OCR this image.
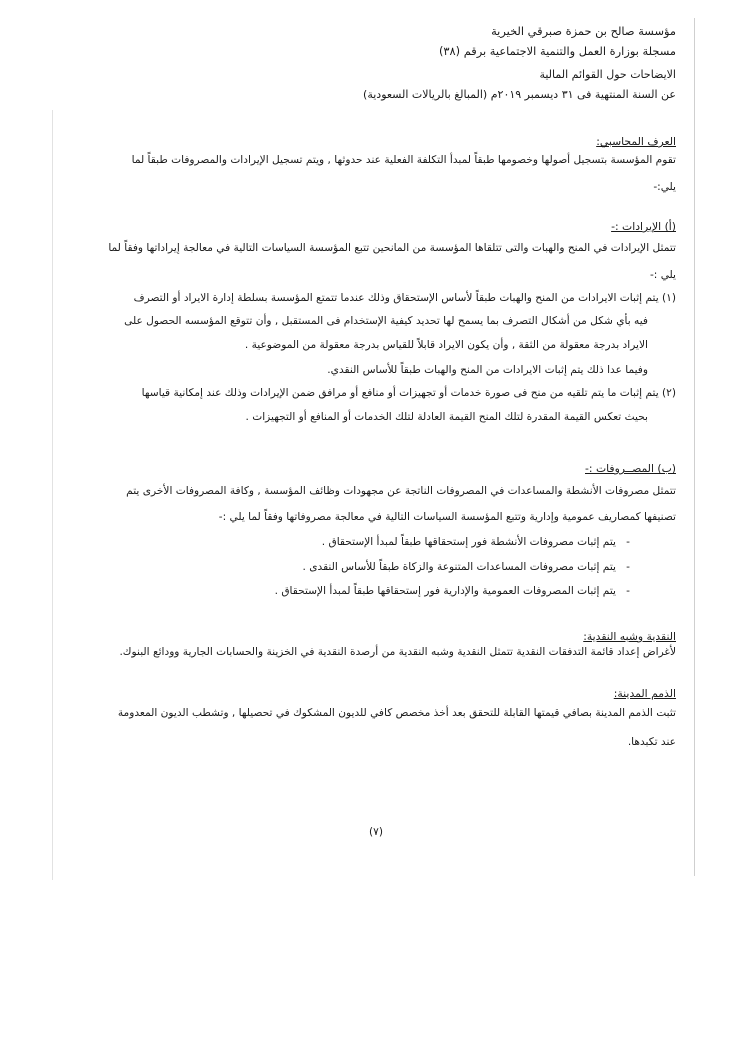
مؤسسة صالح بن حمزة صبرقي الخيرية
مسجلة بوزارة العمل والتنمية الاجتماعية برقم (٣٨)
الايضاحات حول القوائم المالية
عن السنة المنتهية فى ٣١ ديسمبر ٢٠١٩م (المبالغ بالريالات السعودية)
العرف المحاسبي:
تقوم المؤسسة بتسجيل أصولها وخصومها طبقاً لمبدأ التكلفة الفعلية عند حدوثها , ويتم تسجيل الإيرادات والمصروفات طبقاً لما
يلي:-
(أ) الإيرادات :-
تتمثل الإيرادات في المنح والهبات والتى تتلقاها المؤسسة من المانحين تتبع المؤسسة السياسات التالية في معالجة إيراداتها وفقاً لما
يلي :-
(١) يتم إثبات الايرادات من المنح والهبات طبقاً لأساس الإستحقاق وذلك عندما تتمتع المؤسسة بسلطة إدارة الايراد أو التصرف
فيه بأي شكل من أشكال التصرف بما يسمح لها تحديد كيفية الإستخدام فى المستقبل , وأن تتوقع المؤسسه الحصول على
الايراد بدرجة معقولة من الثقة , وأن يكون الايراد قابلاً للقياس بدرجة معقولة من الموضوعية .
وفيما عدا ذلك يتم إثبات الايرادات من المنح والهبات طبقاً للأساس النقدي.
(٢) يتم إثبات ما يتم تلقيه من منح فى صورة خدمات أو تجهيزات أو منافع أو مرافق ضمن الإيرادات وذلك عند إمكانية قياسها
بحيث تعكس القيمة المقدرة لتلك المنح القيمة العادلة لتلك الخدمات أو المنافع أو التجهيزات .
(ب) المصــروفات :-
تتمثل مصروفات الأنشطة والمساعدات في المصروفات الناتجة عن مجهودات وظائف المؤسسة , وكافة المصروفات الأخرى يتم
تصنيفها كمصاريف عمومية وإدارية وتتبع المؤسسة السياسات التالية في معالجة مصروفاتها وفقاً لما يلي :-
-يتم إثبات مصروفات الأنشطة فور إستحقاقها طبقاً لمبدأ الإستحقاق .
-يتم إثبات مصروفات المساعدات المتنوعة والزكاة طبقاً للأساس النقدى .
-يتم إثبات المصروفات العمومية والإدارية فور إستحقاقها طبقاً لمبدأ الإستحقاق .
النقدية وشبه النقدية:
لأغراض إعداد قائمة التدفقات النقدية تتمثل النقدية وشبه النقدية من أرصدة النقدية في الخزينة والحسابات الجارية وودائع البنوك.
الذمم المدينة:
تثبت الذمم المدينة بصافي قيمتها القابلة للتحقق بعد أخذ مخصص كافي للديون المشكوك في تحصيلها , وتشطب الديون المعدومة
عند تكبدها.
(٧)
